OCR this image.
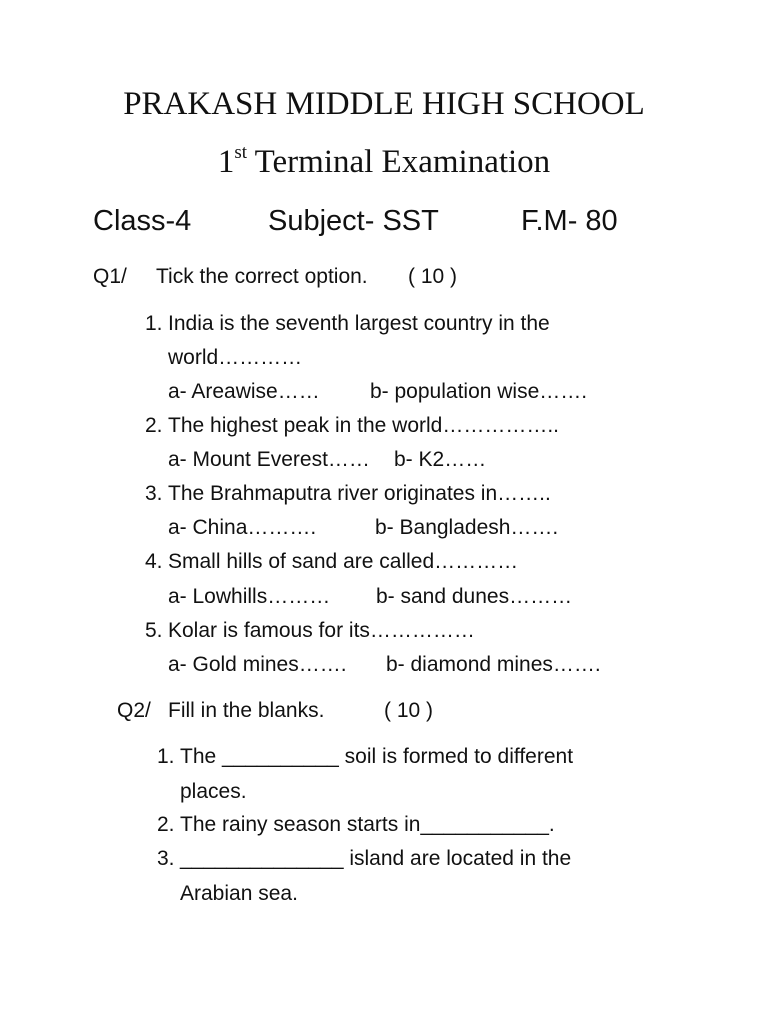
PRAKASH MIDDLE HIGH SCHOOL
1st Terminal Examination
Class-4	Subject- SST	F.M- 80
Q1/ Tick the correct option. ( 10 )
1. India is the seventh largest country in the
world…………
a- Areawise…… b- population wise…….
2. The highest peak in the world……………..
a- Mount Everest…… b- K2……
3. The Brahmaputra river originates in……..
a- China……….	b- Bangladesh…….
4. Small hills of sand are called…………
a- Lowhills……… b- sand dunes………
5. Kolar is famous for its……………
a- Gold mines……. b- diamond mines…….
Q2/ Fill in the blanks.	( 10 )
1. The __________ soil is formed to different
places.
2. The rainy season starts in___________.
3. ______________ island are located in the
Arabian sea.
